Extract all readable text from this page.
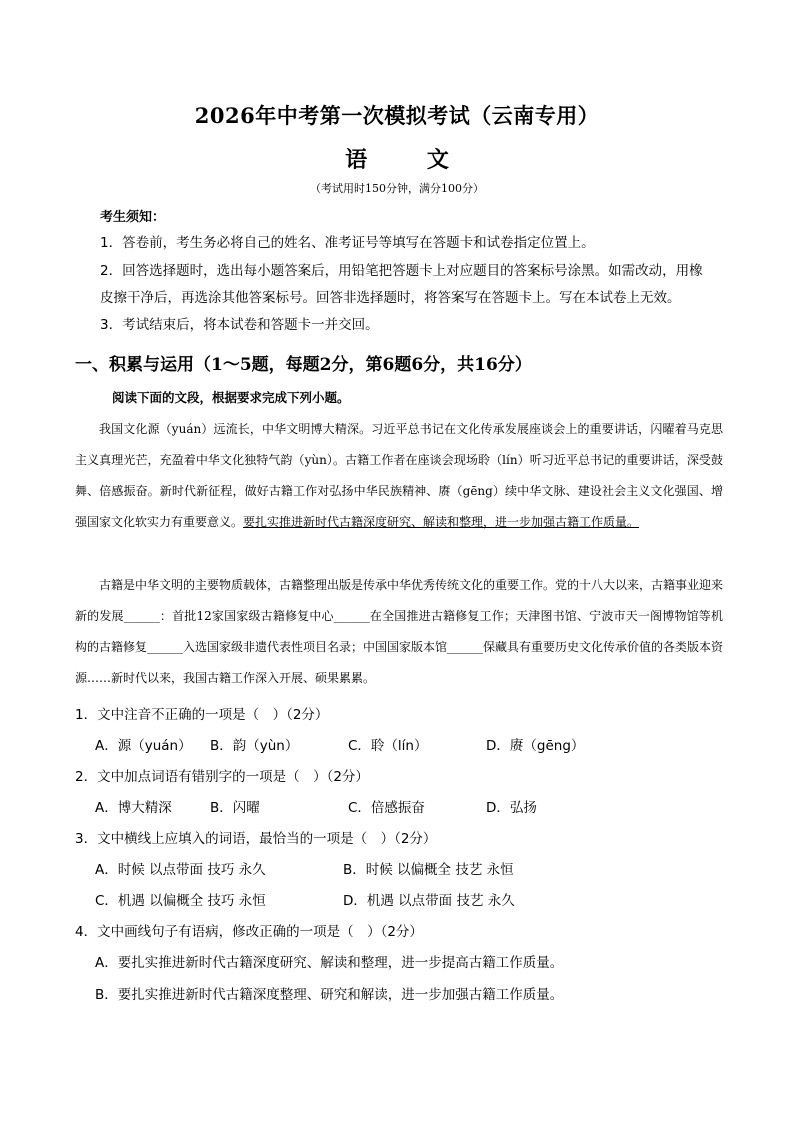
2026年中考第一次模拟考试（云南专用）
语 文
（考试用时150分钟，满分100分）
考生须知：
1．答卷前，考生务必将自己的姓名、准考证号等填写在答题卡和试卷指定位置上。
2．回答选择题时，选出每小题答案后，用铅笔把答题卡上对应题目的答案标号涂黑。如需改动，用橡
皮擦干净后，再选涂其他答案标号。回答非选择题时，将答案写在答题卡上。写在本试卷上无效。
3．考试结束后，将本试卷和答题卡一并交回。
一、积累与运用（1～5题，每题2分，第6题6分，共16分）
阅读下面的文段，根据要求完成下列小题。

我国文化源（yuán）远流长，中华文明博大精深。习近平总书记在文化传承发展座谈会上的重要讲话，闪曜着马克思主义真理光芒，充盈着中华文化独特气韵（yùn）。古籍工作者在座谈会现场聆（lín）听习近平总书记的重要讲话，深受鼓舞、倍感振奋。新时代新征程，做好古籍工作对弘扬中华民族精神、赓（gēng）续中华文脉、建设社会主义文化强国、增强国家文化软实力有重要意义。要扎实推进新时代古籍深度研究、解读和整理，进一步加强古籍工作质量。

古籍是中华文明的主要物质载体，古籍整理出版是传承中华优秀传统文化的重要工作。党的十八大以来，古籍事业迎来新的发展______：首批12家国家级古籍修复中心______在全国推进古籍修复工作；天津图书馆、宁波市天一阁博物馆等机构的古籍修复______入选国家级非遗代表性项目名录；中国国家版本馆______保藏具有重要历史文化传承价值的各类版本资源……新时代以来，我国古籍工作深入开展、硕果累累。

1．文中注音不正确的一项是（　）（2分）
A．源（yuán） B．韵（yùn）	C．聆（lín）	D．赓（gēng）
2．文中加点词语有错别字的一项是（　）（2分）
A．博大精深	B．闪曜	C．倍感振奋	D．弘扬
3．文中横线上应填入的词语，最恰当的一项是（　）（2分）
A．时候 以点带面 技巧 永久	B．时候 以偏概全 技艺 永恒
C．机遇 以偏概全 技巧 永恒	D．机遇 以点带面 技艺 永久
4．文中画线句子有语病，修改正确的一项是（　）（2分）
A．要扎实推进新时代古籍深度研究、解读和整理，进一步提高古籍工作质量。
B．要扎实推进新时代古籍深度整理、研究和解读，进一步加强古籍工作质量。
